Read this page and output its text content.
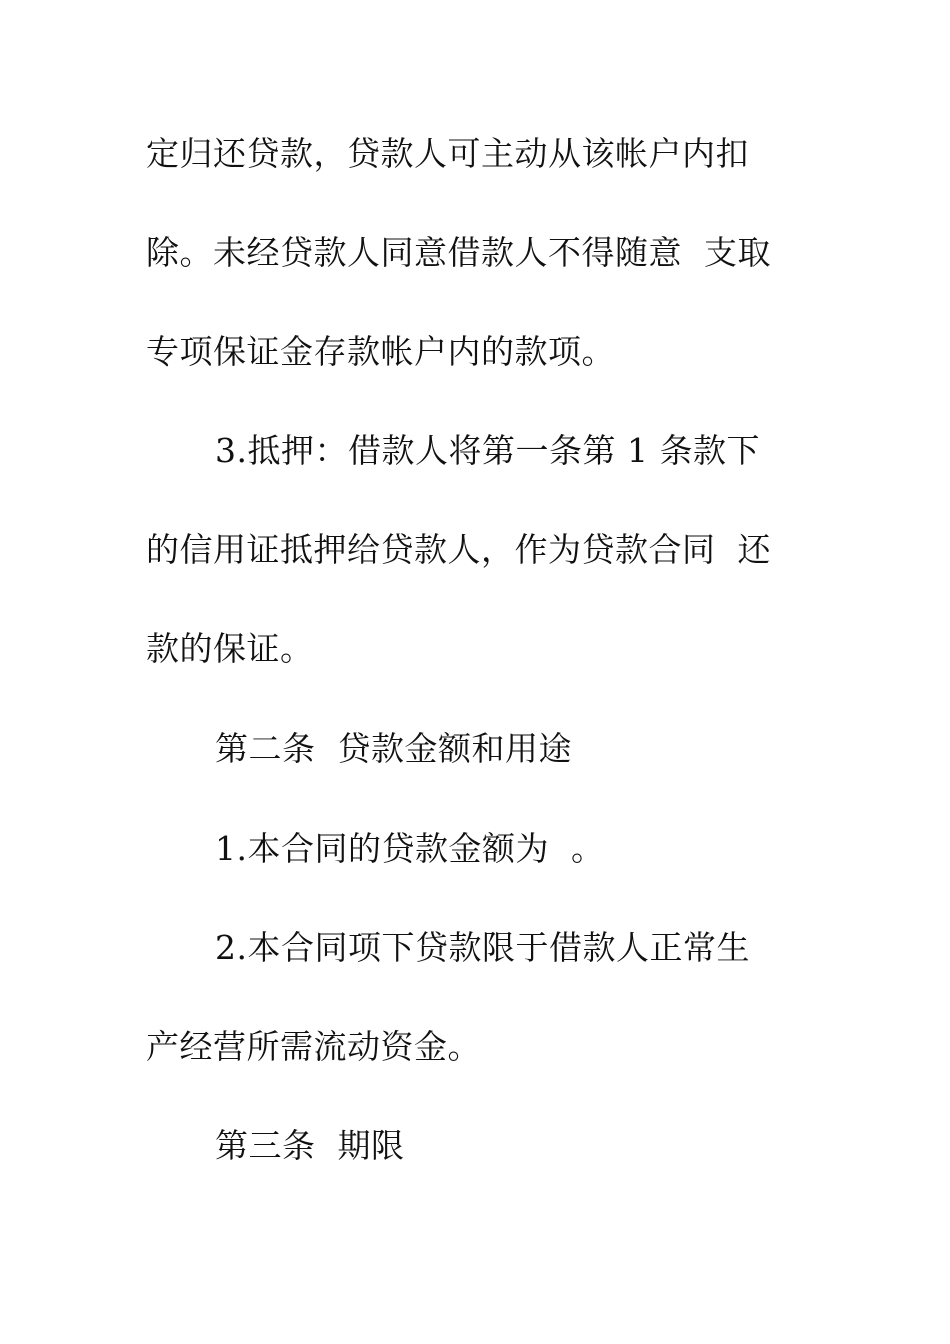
定归还贷款，贷款人可主动从该帐户内扣
除。未经贷款人同意借款人不得随意  支取
专项保证金存款帐户内的款项。
3.抵押：借款人将第一条第 1 条款下
的信用证抵押给贷款人，作为贷款合同  还
款的保证。
第二条  贷款金额和用途
1.本合同的贷款金额为  。
2.本合同项下贷款限于借款人正常生
产经营所需流动资金。
第三条  期限
